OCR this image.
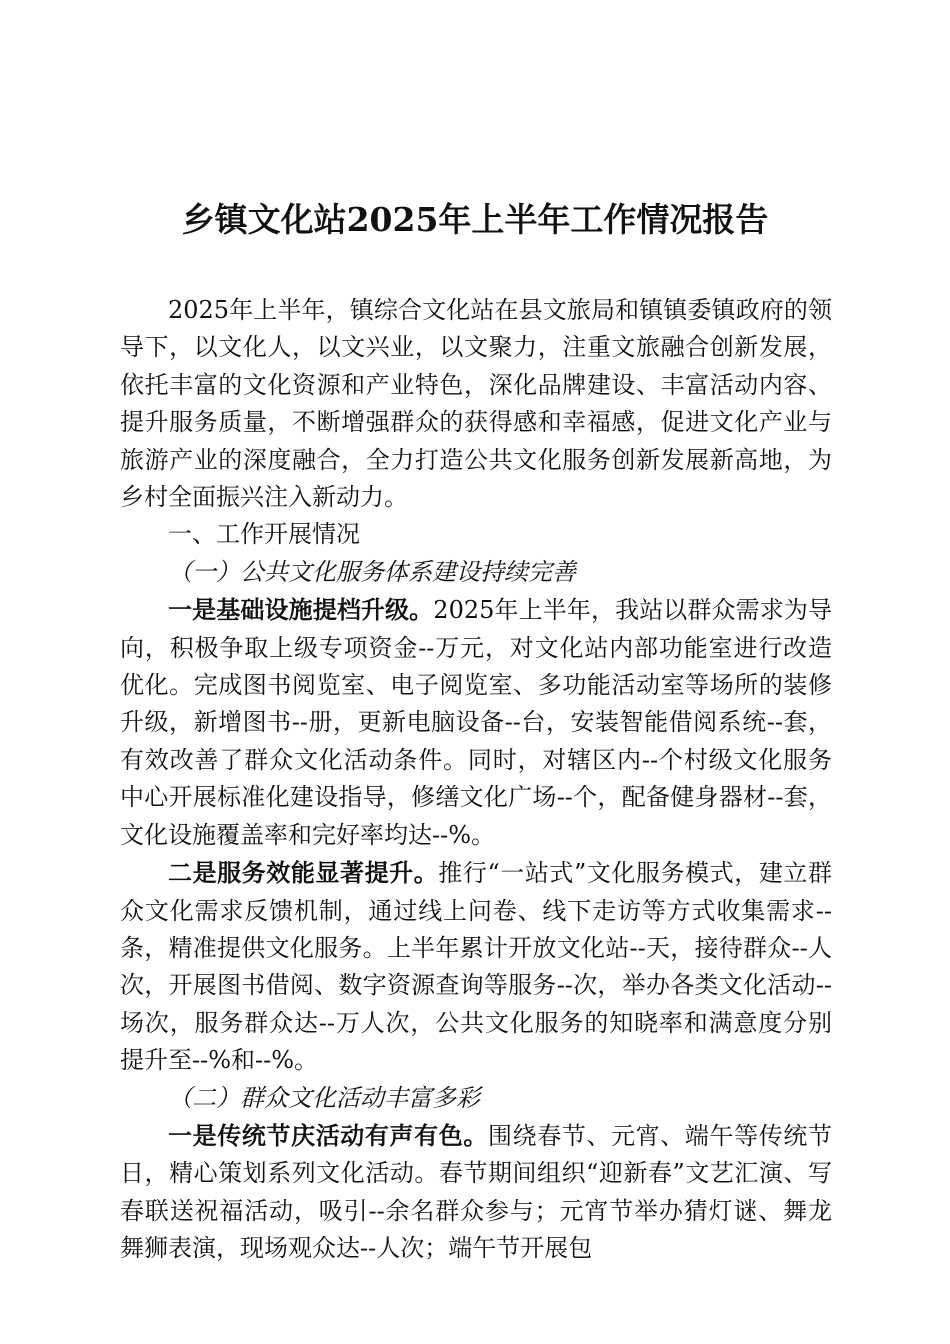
乡镇文化站2025年上半年工作情况报告

2025年上半年，镇综合文化站在县文旅局和镇镇委镇政府的领导下，以文化人，以文兴业，以文聚力，注重文旅融合创新发展，依托丰富的文化资源和产业特色，深化品牌建设、丰富活动内容、提升服务质量，不断增强群众的获得感和幸福感，促进文化产业与旅游产业的深度融合，全力打造公共文化服务创新发展新高地，为乡村全面振兴注入新动力。

一、工作开展情况

（一）公共文化服务体系建设持续完善

一是基础设施提档升级。2025年上半年，我站以群众需求为导向，积极争取上级专项资金--万元，对文化站内部功能室进行改造优化。完成图书阅览室、电子阅览室、多功能活动室等场所的装修升级，新增图书--册，更新电脑设备--台，安装智能借阅系统--套，有效改善了群众文化活动条件。同时，对辖区内--个村级文化服务中心开展标准化建设指导，修缮文化广场--个，配备健身器材--套，文化设施覆盖率和完好率均达--%。

二是服务效能显著提升。推行“一站式”文化服务模式，建立群众文化需求反馈机制，通过线上问卷、线下走访等方式收集需求--条，精准提供文化服务。上半年累计开放文化站--天，接待群众--人次，开展图书借阅、数字资源查询等服务--次，举办各类文化活动--场次，服务群众达--万人次，公共文化服务的知晓率和满意度分别提升至--%和--%。

（二）群众文化活动丰富多彩

一是传统节庆活动有声有色。围绕春节、元宵、端午等传统节日，精心策划系列文化活动。春节期间组织“迎新春”文艺汇演、写春联送祝福活动，吸引--余名群众参与；元宵节举办猜灯谜、舞龙舞狮表演，现场观众达--人次；端午节开展包
